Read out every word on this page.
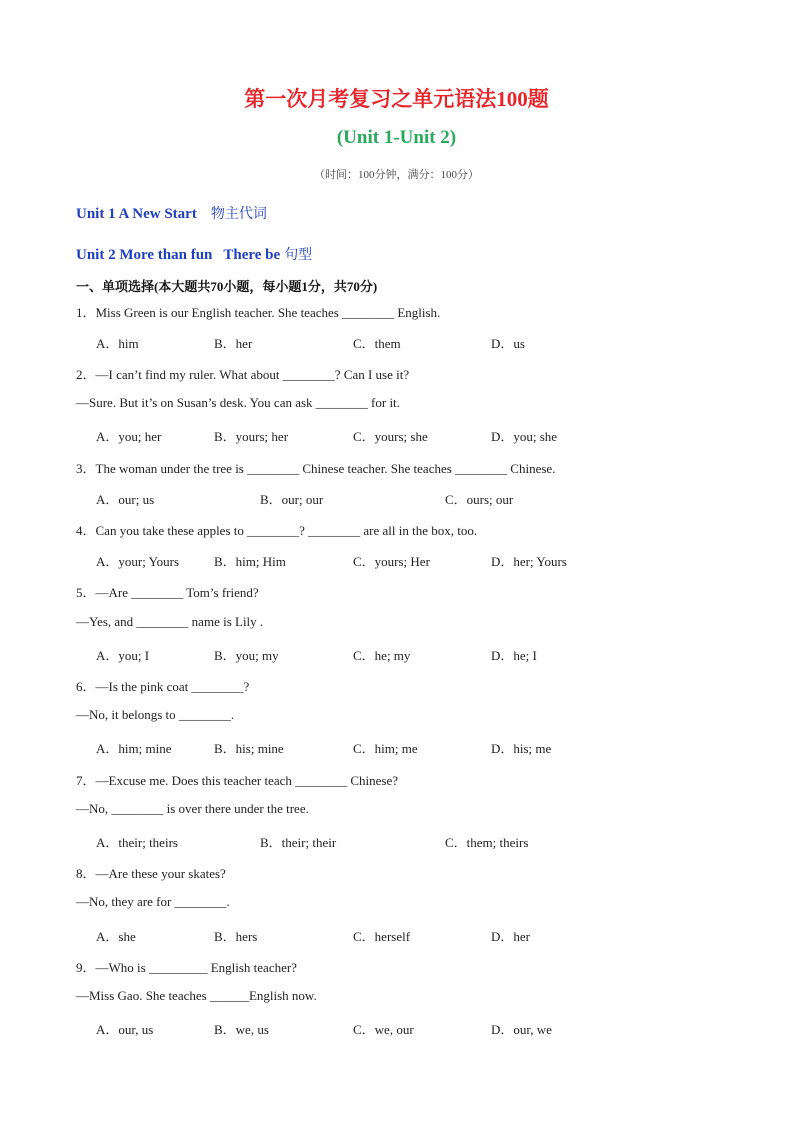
第一次月考复习之单元语法100题
(Unit 1-Unit 2)
（时间：100分钟，满分：100分）
Unit 1 A New Start 物主代词
Unit 2 More than fun   There be 句型
一、单项选择(本大题共70小题，每小题1分，共70分)
1．Miss Green is our English teacher. She teaches ________ English.
A．him	B．her	C．them	D．us
2．—I can’t find my ruler. What about ________? Can I use it?
—Sure. But it’s on Susan’s desk. You can ask ________ for it.
A．you; her	B．yours; her	C．yours; she	D．you; she
3．The woman under the tree is ________ Chinese teacher. She teaches ________ Chinese.
A．our; us	B．our; our	C．ours; our
4．Can you take these apples to ________? ________ are all in the box, too.
A．your; Yours	B．him; Him	C．yours; Her	D．her; Yours
5．—Are ________ Tom’s friend?
—Yes, and ________ name is Lily .
A．you; I	B．you; my	C．he; my	D．he; I
6．—Is the pink coat ________?
—No, it belongs to ________.
A．him; mine	B．his; mine	C．him; me	D．his; me
7．—Excuse me. Does this teacher teach ________ Chinese?
—No, ________ is over there under the tree.
A．their; theirs	B．their; their	C．them; theirs
8．—Are these your skates?
—No, they are for ________.
A．she	B．hers	C．herself	D．her
9．—Who is _________ English teacher?
—Miss Gao. She teaches ______English now.
A．our, us	B．we, us	C．we, our	D．our, we
